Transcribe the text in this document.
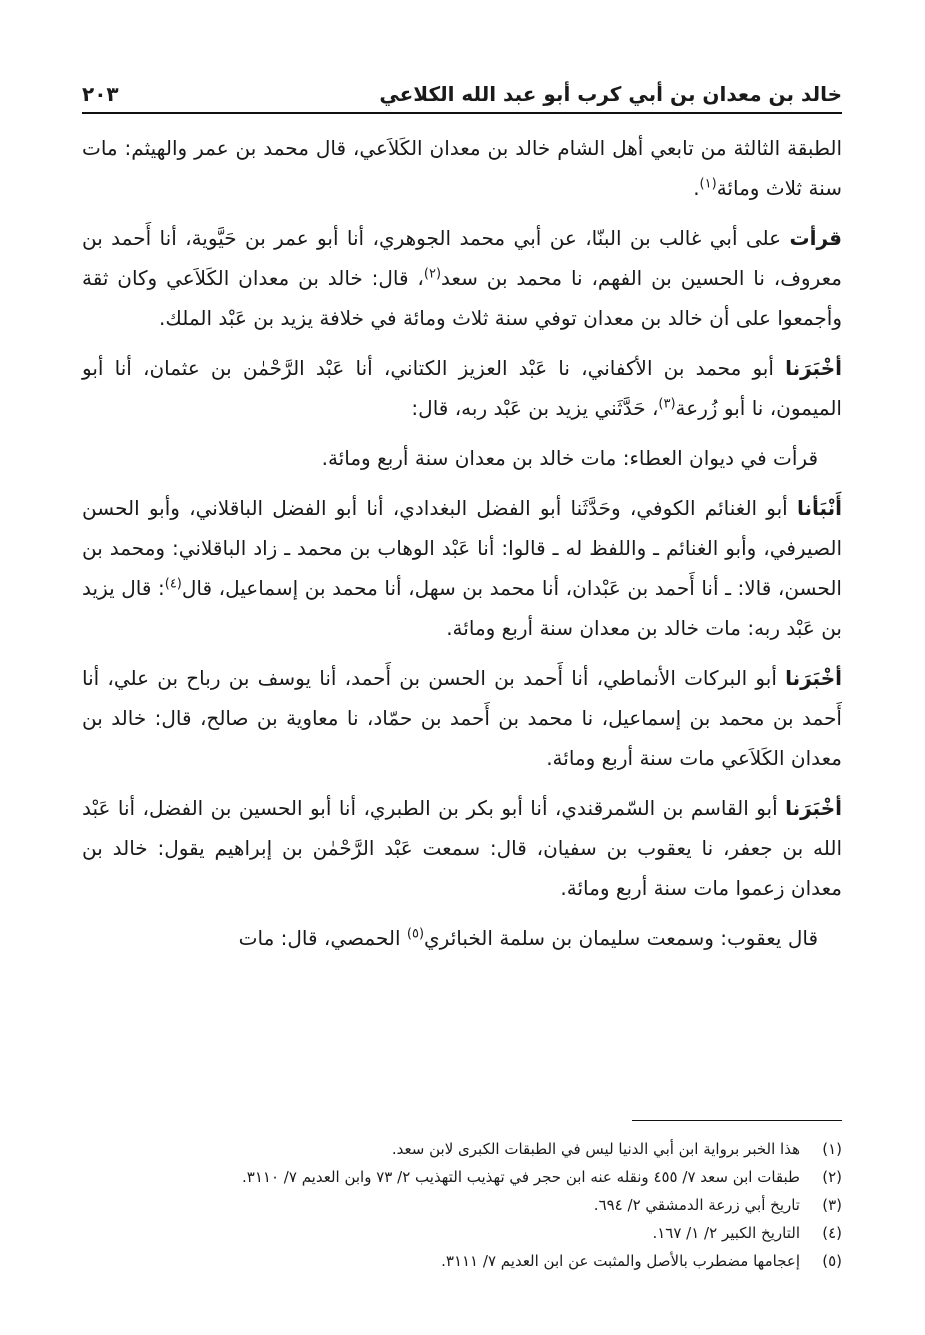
خالد بن معدان بن أبي كرب أبو عبد الله الكلاعي
٢٠٣

الطبقة الثالثة من تابعي أهل الشام خالد بن معدان الكَلاَعي، قال محمد بن عمر والهيثم: مات سنة ثلاث ومائة$^{(١)}$.

قرأت على أبي غالب بن البنّا، عن أبي محمد الجوهري، أنا أبو عمر بن حَيَّوية، أنا أَحمد بن معروف، نا الحسين بن الفهم، نا محمد بن سعد$^{(٢)}$، قال: خالد بن معدان الكَلاَعي وكان ثقة وأجمعوا على أن خالد بن معدان توفي سنة ثلاث ومائة في خلافة يزيد بن عَبْد الملك.

أخْبَرَنا أبو محمد بن الأكفاني، نا عَبْد العزيز الكتاني، أنا عَبْد الرَّحْمٰن بن عثمان، أنا أبو الميمون، نا أبو زُرعة$^{(٣)}$، حَدَّثَني يزيد بن عَبْد ربه، قال:

قرأت في ديوان العطاء: مات خالد بن معدان سنة أربع ومائة.

أَنْبَأنا أبو الغنائم الكوفي، وحَدَّثَنا أبو الفضل البغدادي، أنا أبو الفضل الباقلاني، وأبو الحسن الصيرفي، وأبو الغنائم ـ واللفظ له ـ قالوا: أنا عَبْد الوهاب بن محمد ـ زاد الباقلاني: ومحمد بن الحسن، قالا: ـ أنا أَحمد بن عَبْدان، أنا محمد بن سهل، أنا محمد بن إسماعيل، قال$^{(٤)}$: قال يزيد بن عَبْد ربه: مات خالد بن معدان سنة أربع ومائة.

أخْبَرَنا أبو البركات الأنماطي، أنا أَحمد بن الحسن بن أَحمد، أنا يوسف بن رباح بن علي، أنا أَحمد بن محمد بن إسماعيل، نا محمد بن أَحمد بن حمّاد، نا معاوية بن صالح، قال: خالد بن معدان الكَلاَعي مات سنة أربع ومائة.

أخْبَرَنا أبو القاسم بن السّمرقندي، أنا أبو بكر بن الطبري، أنا أبو الحسين بن الفضل، أنا عَبْد الله بن جعفر، نا يعقوب بن سفيان، قال: سمعت عَبْد الرَّحْمٰن بن إبراهيم يقول: خالد بن معدان زعموا مات سنة أربع ومائة.

قال يعقوب: وسمعت سليمان بن سلمة الخبائري$^{(٥)}$ الحمصي، قال: مات

(١)
هذا الخبر برواية ابن أبي الدنيا ليس في الطبقات الكبرى لابن سعد.
(٢)
طبقات ابن سعد ٧/ ٤٥٥ ونقله عنه ابن حجر في تهذيب التهذيب ٢/ ٧٣ وابن العديم ٧/ ٣١١٠.
(٣)
تاريخ أبي زرعة الدمشقي ٢/ ٦٩٤.
(٤)
التاريخ الكبير ٢/ ١/ ١٦٧.
(٥)
إعجامها مضطرب بالأصل والمثبت عن ابن العديم ٧/ ٣١١١.
